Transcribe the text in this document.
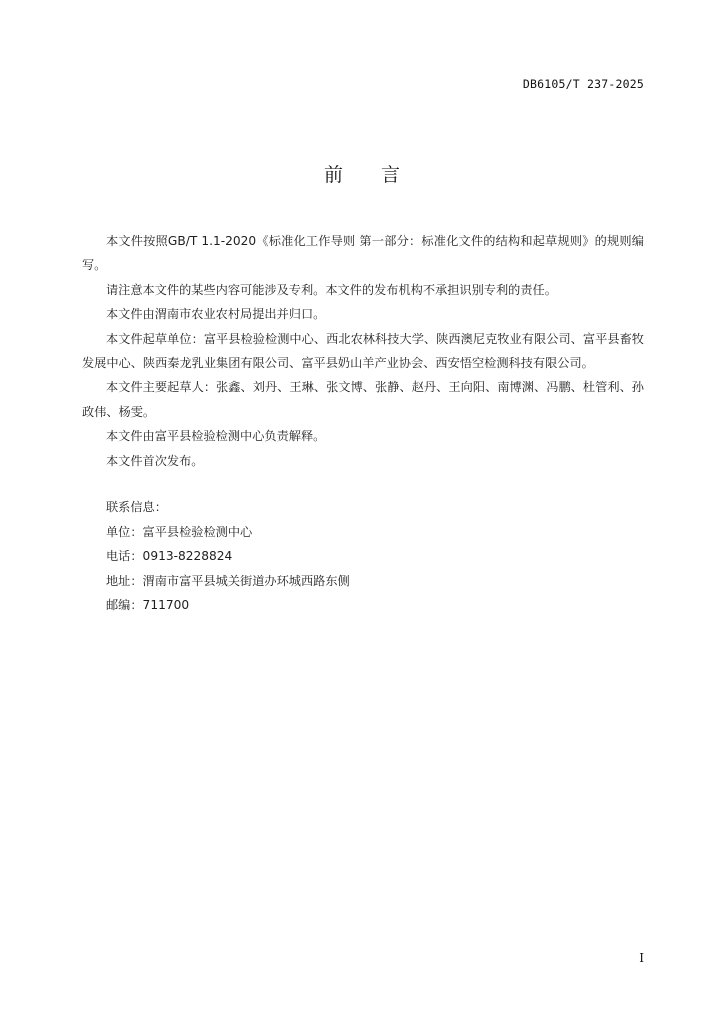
DB6105/T 237-2025
前言

本文件按照GB/T 1.1-2020《标准化工作导则 第一部分：标准化文件的结构和起草规则》的规则编写。

请注意本文件的某些内容可能涉及专利。本文件的发布机构不承担识别专利的责任。

本文件由渭南市农业农村局提出并归口。

本文件起草单位：富平县检验检测中心、西北农林科技大学、陕西澳尼克牧业有限公司、富平县畜牧发展中心、陕西秦龙乳业集团有限公司、富平县奶山羊产业协会、西安悟空检测科技有限公司。

本文件主要起草人：张鑫、刘丹、王琳、张文博、张静、赵丹、王向阳、南博渊、冯鹏、杜管利、孙政伟、杨雯。

本文件由富平县检验检测中心负责解释。

本文件首次发布。

联系信息：

单位：富平县检验检测中心

电话：0913-8228824

地址：渭南市富平县城关街道办环城西路东侧

邮编：711700

I
